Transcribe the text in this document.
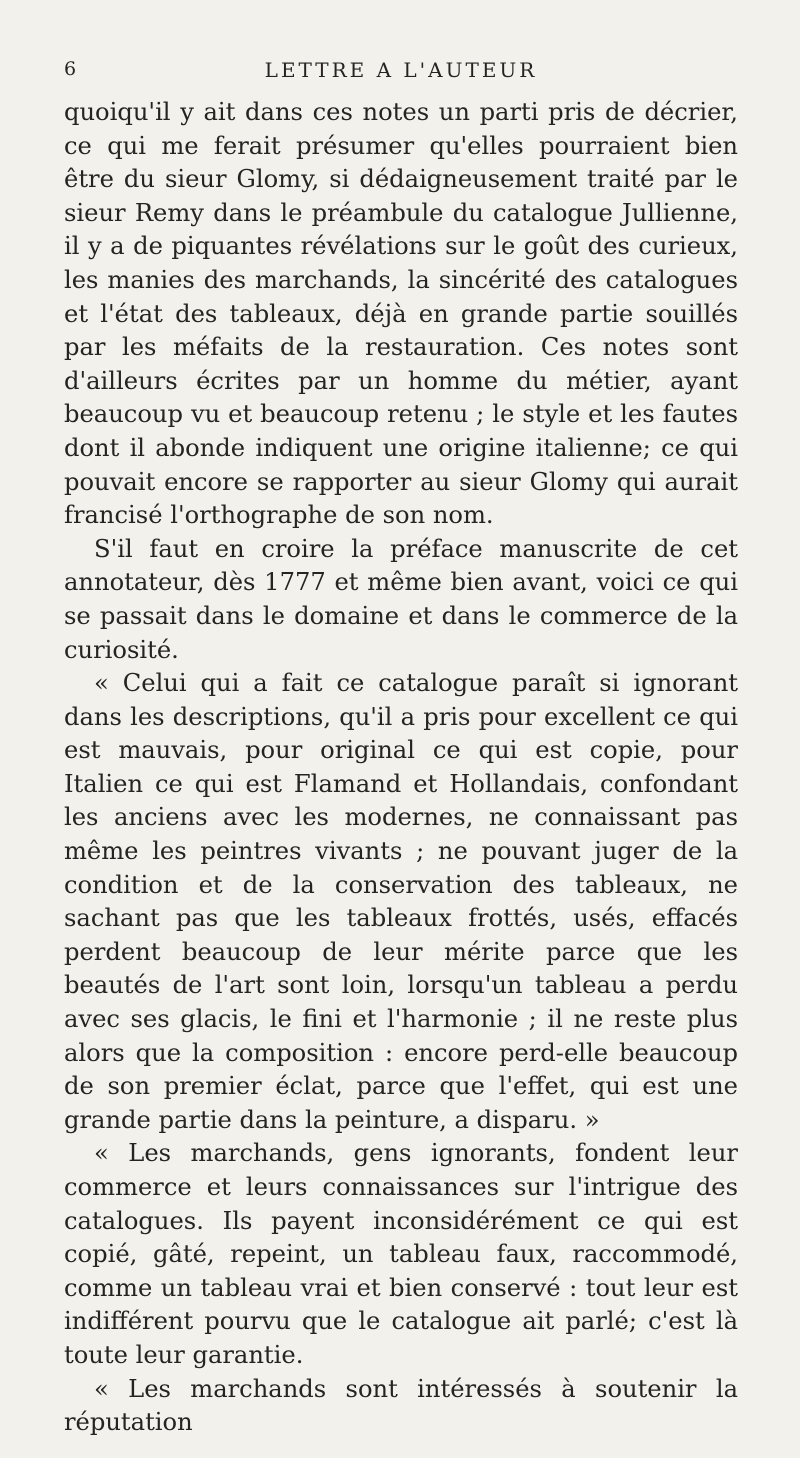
6	LETTRE A L'AUTEUR

quoiqu'il y ait dans ces notes un parti pris de décrier, ce qui me ferait présumer qu'elles pourraient bien être du sieur Glomy, si dédaigneusement traité par le sieur Remy dans le préambule du catalogue Jullienne, il y a de piquantes révélations sur le goût des curieux, les manies des marchands, la sincérité des catalogues et l'état des tableaux, déjà en grande partie souillés par les méfaits de la restauration. Ces notes sont d'ailleurs écrites par un homme du métier, ayant beaucoup vu et beaucoup retenu ; le style et les fautes dont il abonde indiquent une origine italienne; ce qui pouvait encore se rapporter au sieur Glomy qui aurait francisé l'orthographe de son nom.

S'il faut en croire la préface manuscrite de cet annotateur, dès 1777 et même bien avant, voici ce qui se passait dans le domaine et dans le commerce de la curiosité.

« Celui qui a fait ce catalogue paraît si ignorant dans les descriptions, qu'il a pris pour excellent ce qui est mauvais, pour original ce qui est copie, pour Italien ce qui est Flamand et Hollandais, confondant les anciens avec les modernes, ne connaissant pas même les peintres vivants ; ne pouvant juger de la condition et de la conservation des tableaux, ne sachant pas que les tableaux frottés, usés, effacés perdent beaucoup de leur mérite parce que les beautés de l'art sont loin, lorsqu'un tableau a perdu avec ses glacis, le fini et l'harmonie ; il ne reste plus alors que la composition : encore perd-elle beaucoup de son premier éclat, parce que l'effet, qui est une grande partie dans la peinture, a disparu. »

« Les marchands, gens ignorants, fondent leur commerce et leurs connaissances sur l'intrigue des catalogues. Ils payent inconsidérément ce qui est copié, gâté, repeint, un tableau faux, raccommodé, comme un tableau vrai et bien conservé : tout leur est indifférent pourvu que le catalogue ait parlé; c'est là toute leur garantie.

« Les marchands sont intéressés à soutenir la réputation
